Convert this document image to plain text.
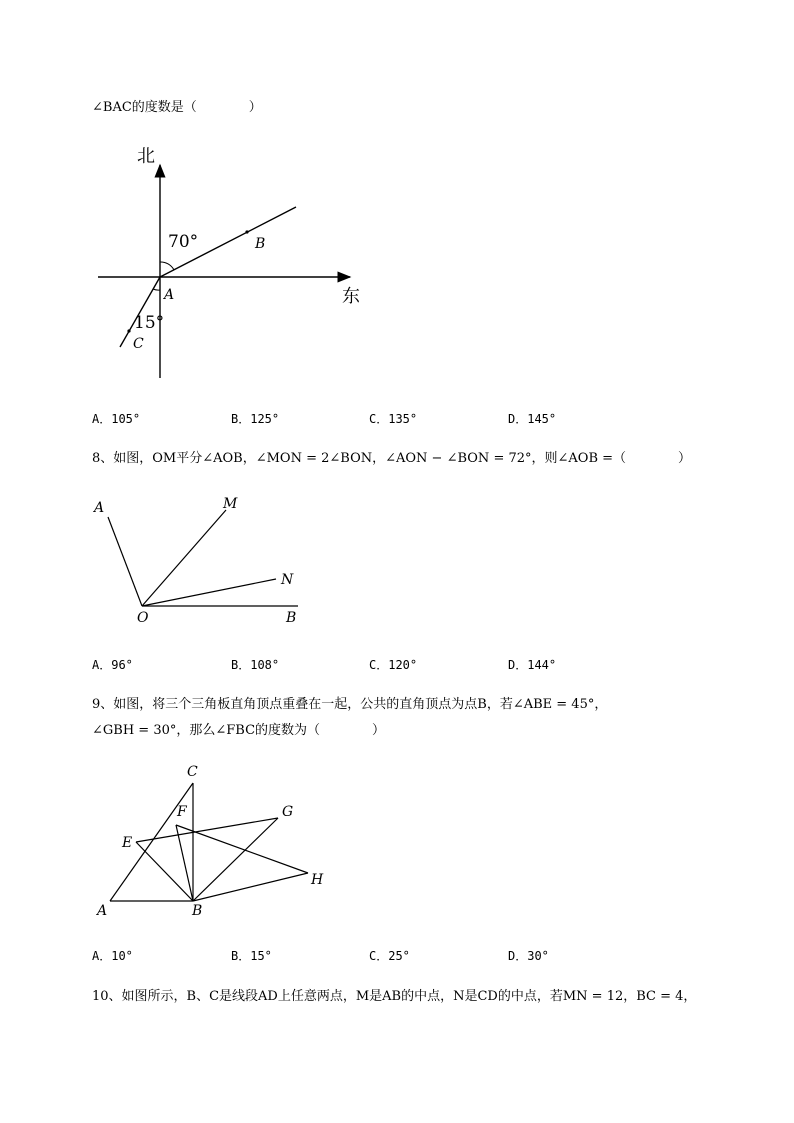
∠BAC的度数是（　　　　）
北
东
70°
15°
A
B
C
A．105°	B．125°	C．135°	D．145°
8、如图，OM平分∠AOB，∠MON = 2∠BON，∠AON − ∠BON = 72°，则∠AOB =（　　　　）
A	M
N
O	B
A．96°	B．108°	C．120°	D．144°
9、如图，将三个三角板直角顶点重叠在一起，公共的直角顶点为点B，若∠ABE = 45°，
∠GBH = 30°，那么∠FBC的度数为（　　　　）
C
F	G
E
H
A	B
A．10°	B．15°	C．25°	D．30°
10、如图所示，B、C是线段AD上任意两点，M是AB的中点，N是CD的中点，若MN = 12，BC = 4，
